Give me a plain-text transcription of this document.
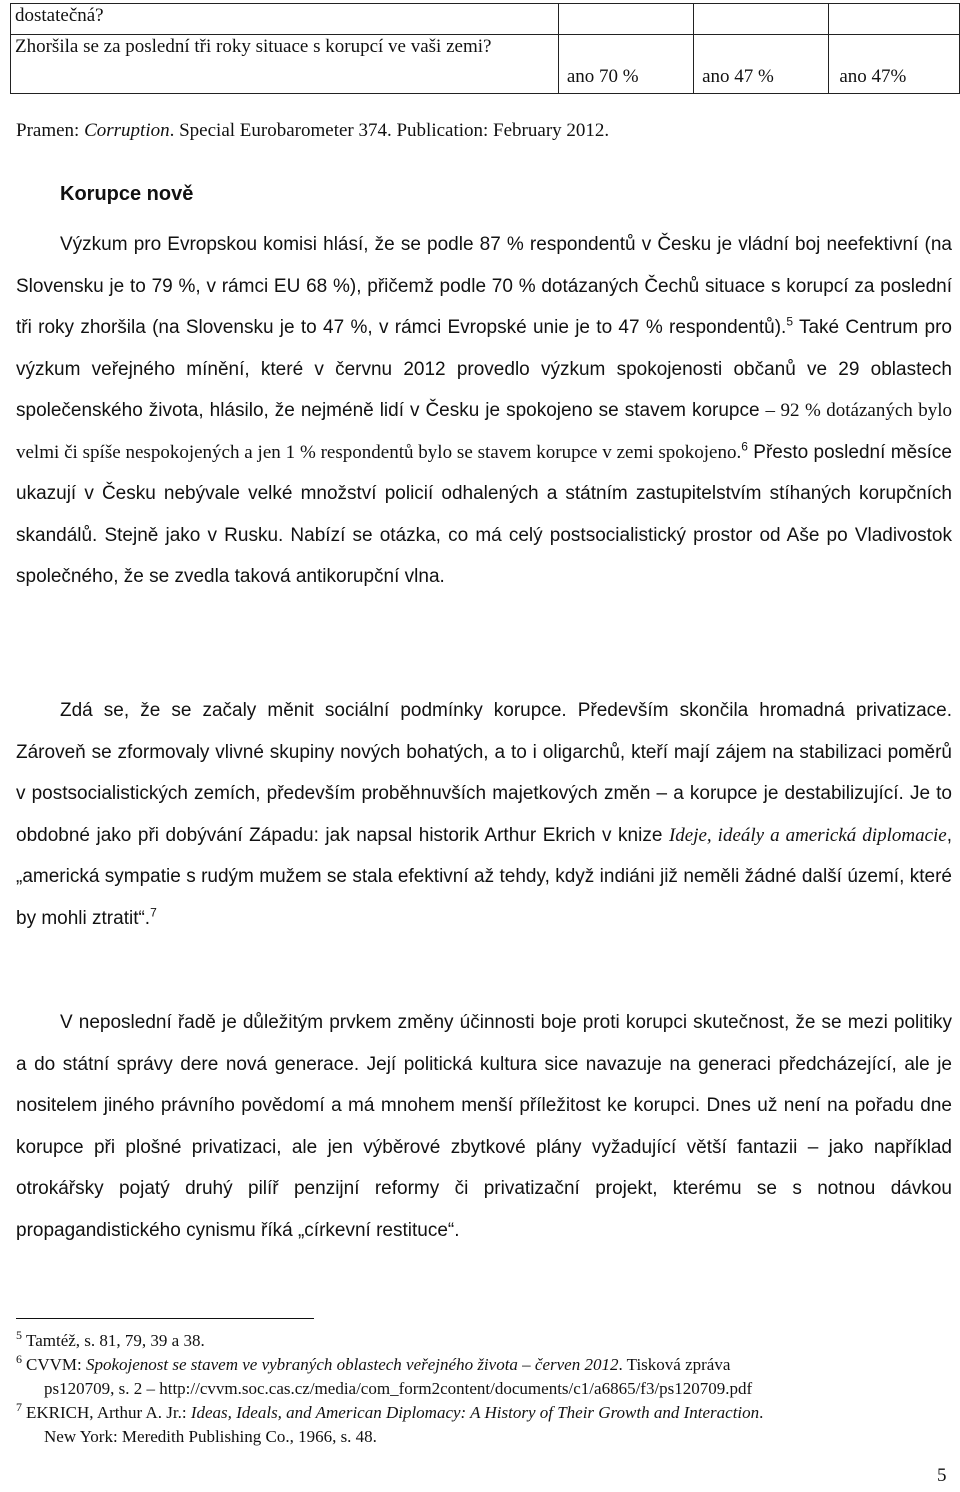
dostatečná?			
Zhoršila se za poslední tři roky situace s korupcí ve vaši zemi?	ano 70 %	ano 47 %	ano 47%
Pramen: Corruption. Special Eurobarometer 374. Publication: February 2012.
Korupce nově

Výzkum pro Evropskou komisi hlásí, že se podle 87 % respondentů v Česku je vládní boj neefektivní (na Slovensku je to 79 %, v rámci EU 68 %), přičemž podle 70 % dotázaných Čechů situace s korupcí za poslední tři roky zhoršila (na Slovensku je to 47 %, v rámci Evropské unie je to 47 % respondentů).$^5$ Také Centrum pro výzkum veřejného mínění, které v červnu 2012 provedlo výzkum spokojenosti občanů ve 29 oblastech společenského života, hlásilo, že nejméně lidí v Česku je spokojeno se stavem korupce – 92 % dotázaných bylo velmi či spíše nespokojených a jen 1 % respondentů bylo se stavem korupce v zemi spokojeno.$^6$ Přesto poslední měsíce ukazují v Česku nebývale velké množství policií odhalených a státním zastupitelstvím stíhaných korupčních skandálů. Stejně jako v Rusku. Nabízí se otázka, co má celý postsocialistický prostor od Aše po Vladivostok společného, že se zvedla taková antikorupční vlna.

Zdá se, že se začaly měnit sociální podmínky korupce. Především skončila hromadná privatizace. Zároveň se zformovaly vlivné skupiny nových bohatých, a to i oligarchů, kteří mají zájem na stabilizaci poměrů v postsocialistických zemích, především proběhnuvších majetkových změn – a korupce je destabilizující. Je to obdobné jako při dobývání Západu: jak napsal historik Arthur Ekrich v knize Ideje, ideály a americká diplomacie, „americká sympatie s rudým mužem se stala efektivní až tehdy, když indiáni již neměli žádné další území, které by mohli ztratit“.$^7$

V neposlední řadě je důležitým prvkem změny účinnosti boje proti korupci skutečnost, že se mezi politiky a do státní správy dere nová generace. Její politická kultura sice navazuje na generaci předcházející, ale je nositelem jiného právního povědomí a má mnohem menší příležitost ke korupci. Dnes už není na pořadu dne korupce při plošné privatizaci, ale jen výběrové zbytkové plány vyžadující větší fantazii – jako například otrokářsky pojatý druhý pilíř penzijní reformy či privatizační projekt, kterému se s notnou dávkou propagandistického cynismu říká „církevní restituce“.

$^5$ Tamtéž, s. 81, 79, 39 a 38.
$^6$ CVVM: Spokojenost se stavem ve vybraných oblastech veřejného života – červen 2012. Tisková zpráva
ps120709, s. 2 – http://cvvm.soc.cas.cz/media/com_form2content/documents/c1/a6865/f3/ps120709.pdf
$^7$ EKRICH, Arthur A. Jr.: Ideas, Ideals, and American Diplomacy: A History of Their Growth and Interaction.
New York: Meredith Publishing Co., 1966, s. 48.
5
